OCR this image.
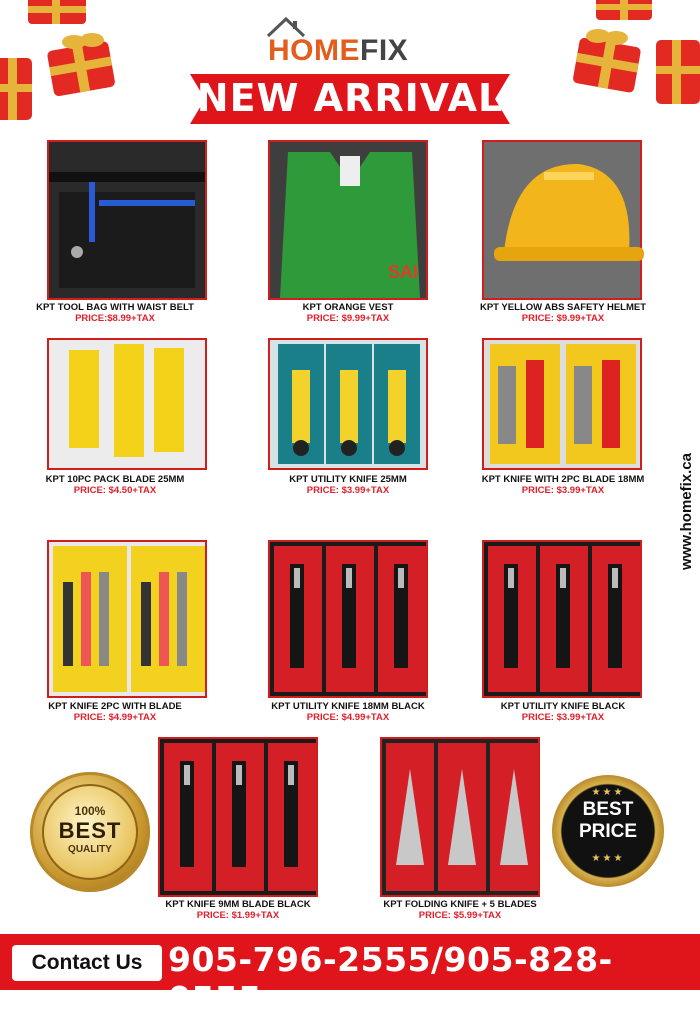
HOMEFIX
NEW ARRIVAL
KPT TOOL BAG WITH WAIST BELT
PRICE:$8.99+TAX
SAI
KPT ORANGE VEST
PRICE: $9.99+TAX
KPT YELLOW ABS SAFETY HELMET
PRICE: $9.99+TAX
KPT 10PC PACK BLADE 25MM
PRICE: $4.50+TAX
KPT UTILITY KNIFE 25MM
PRICE: $3.99+TAX
KPT KNIFE WITH 2PC BLADE 18MM
PRICE: $3.99+TAX
KPT KNIFE 2PC WITH BLADE
PRICE: $4.99+TAX
KPT UTILITY KNIFE 18MM BLACK
PRICE: $4.99+TAX
KPT UTILITY KNIFE BLACK
PRICE: $3.99+TAX
KPT KNIFE 9MM BLADE BLACK
PRICE: $1.99+TAX
KPT FOLDING KNIFE + 5 BLADES
PRICE: $5.99+TAX
www.homefix.ca
100%
BEST
QUALITY
★★★
BEST
PRICE
★★★
Contact Us 905-796-2555/905-828-0555
